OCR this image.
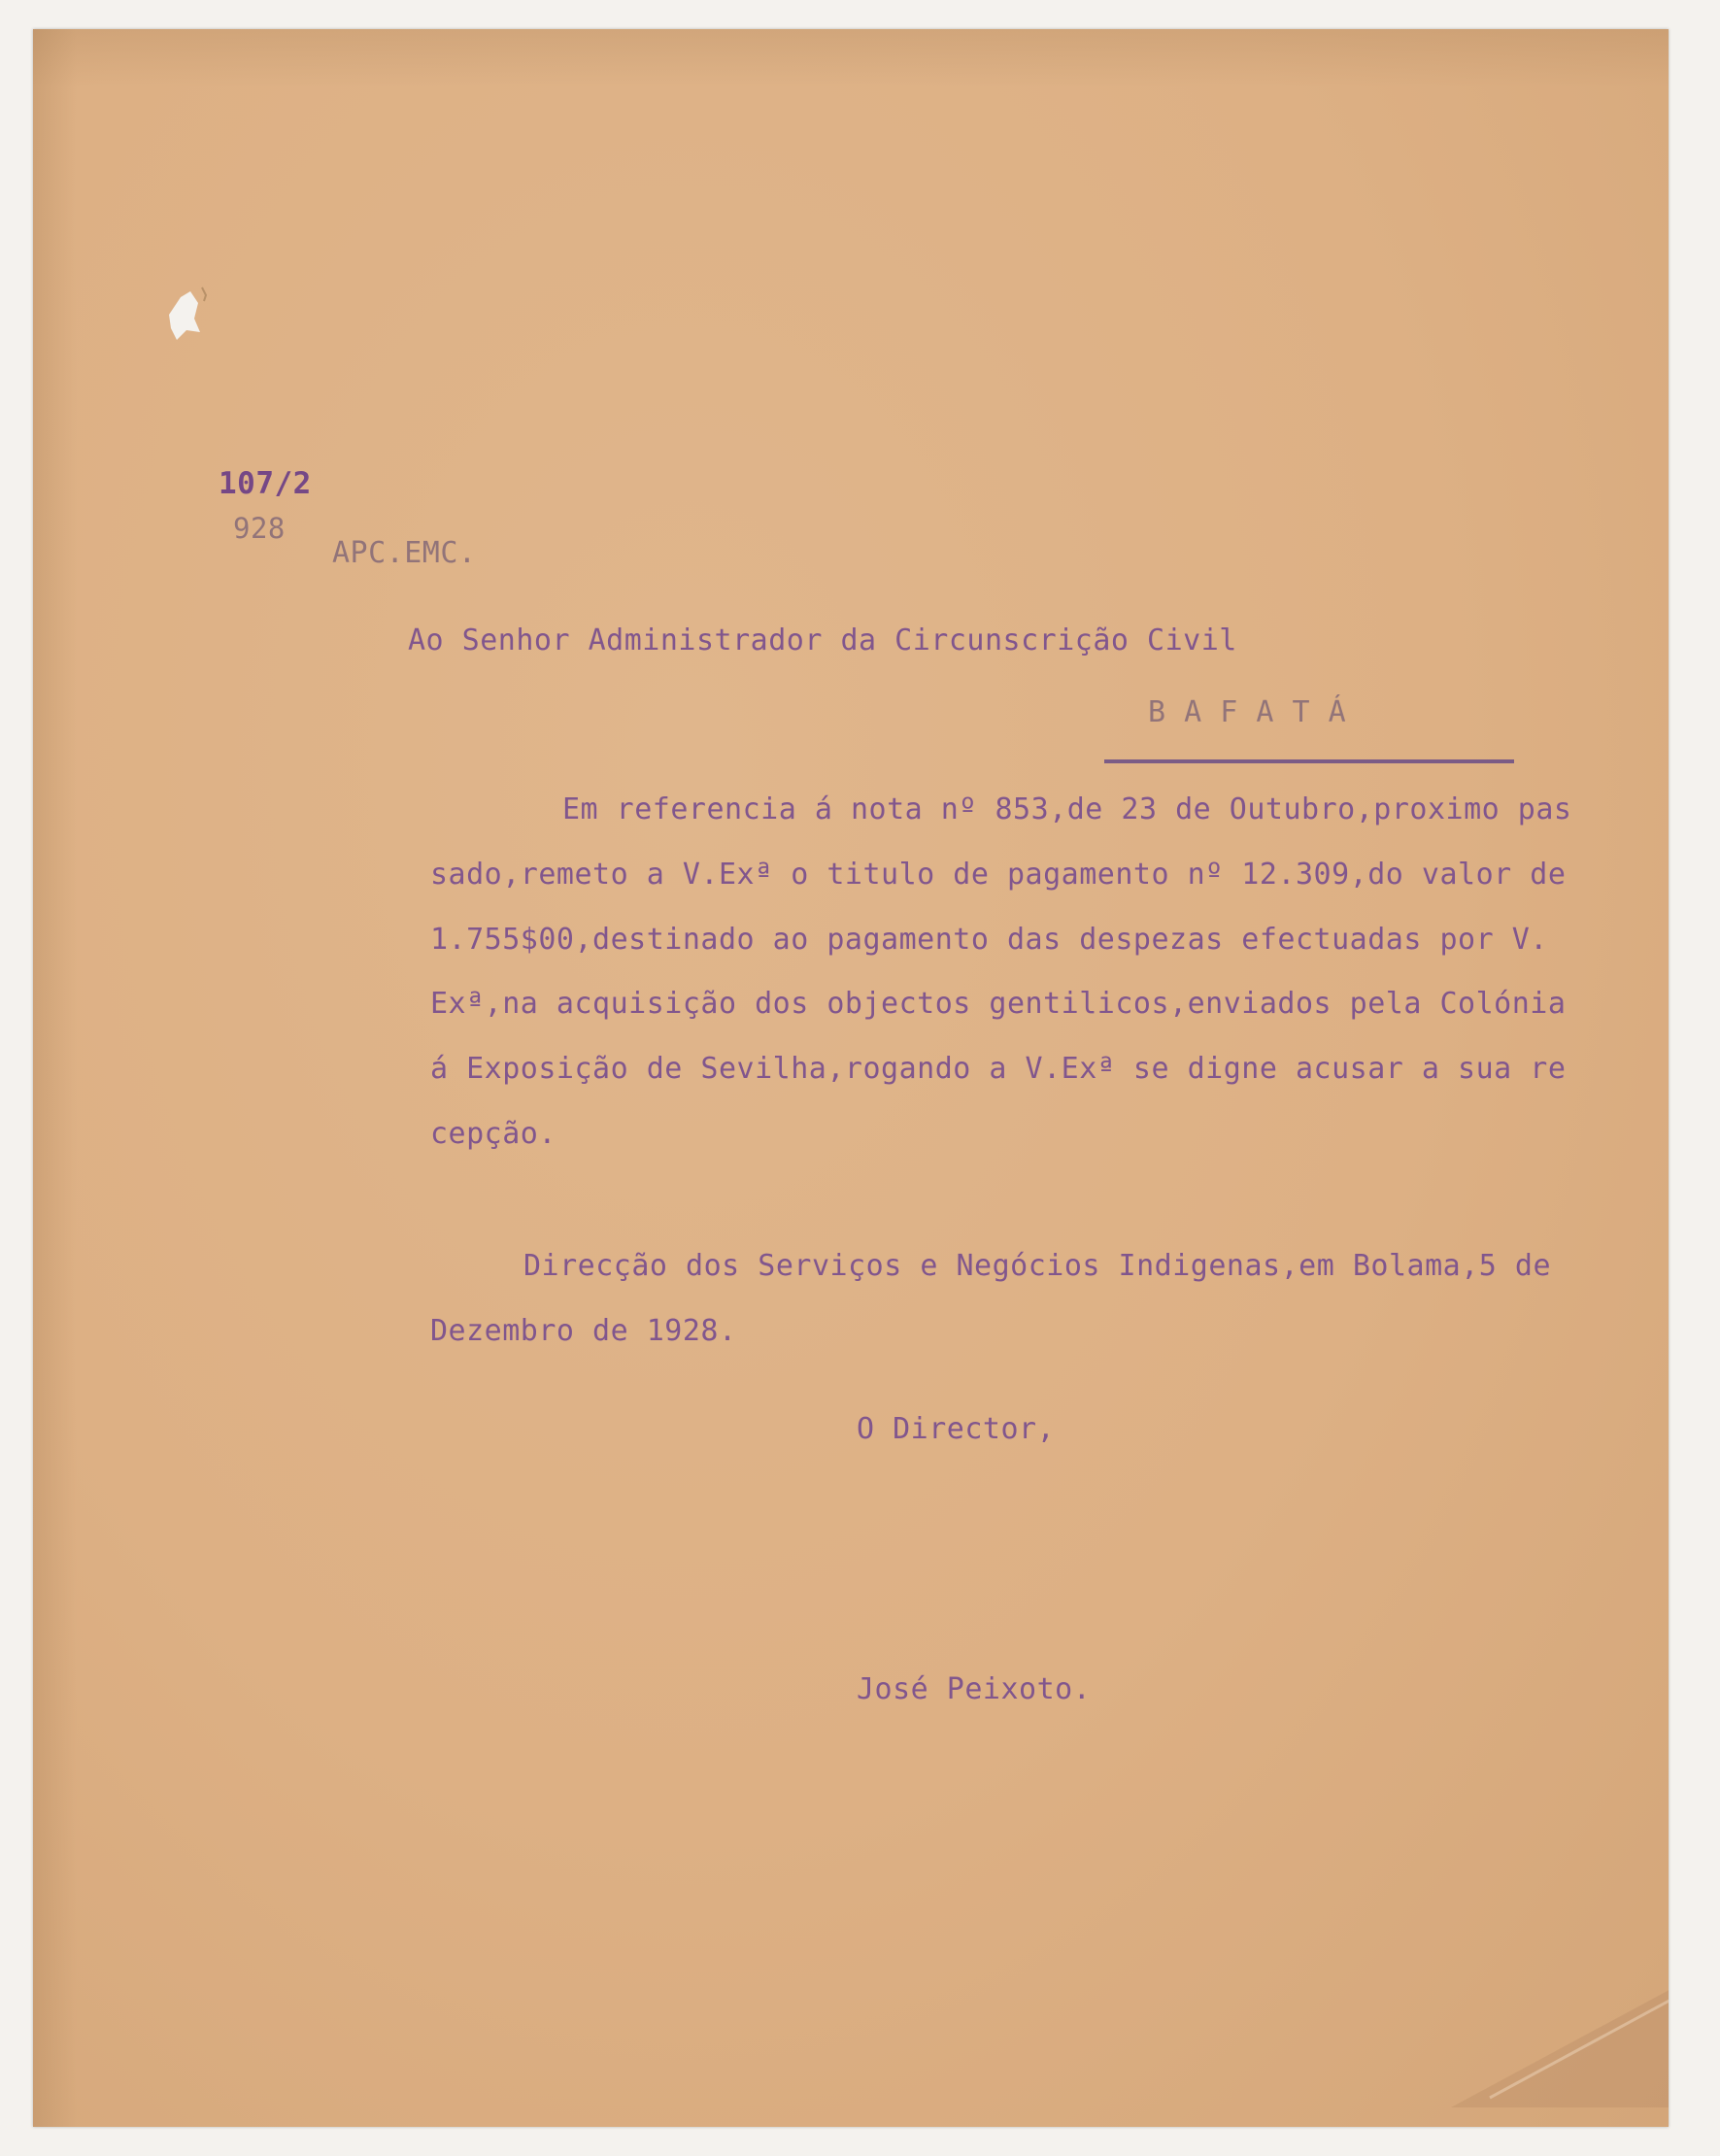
107/2
928
APC.EMC.
Ao Senhor Administrador da Circunscrição Civil
B A F A T Á
Em referencia á nota nº 853,de 23 de Outubro,proximo pas
sado,remeto a V.Exª o titulo de pagamento nº 12.309,do valor de
1.755$00,destinado ao pagamento das despezas efectuadas por V.
Exª,na acquisição dos objectos gentilicos,enviados pela Colónia
á Exposição de Sevilha,rogando a V.Exª se digne acusar a sua re
cepção.
Direcção dos Serviços e Negócios Indigenas,em Bolama,5 de
Dezembro de 1928.
O Director,
José Peixoto.
